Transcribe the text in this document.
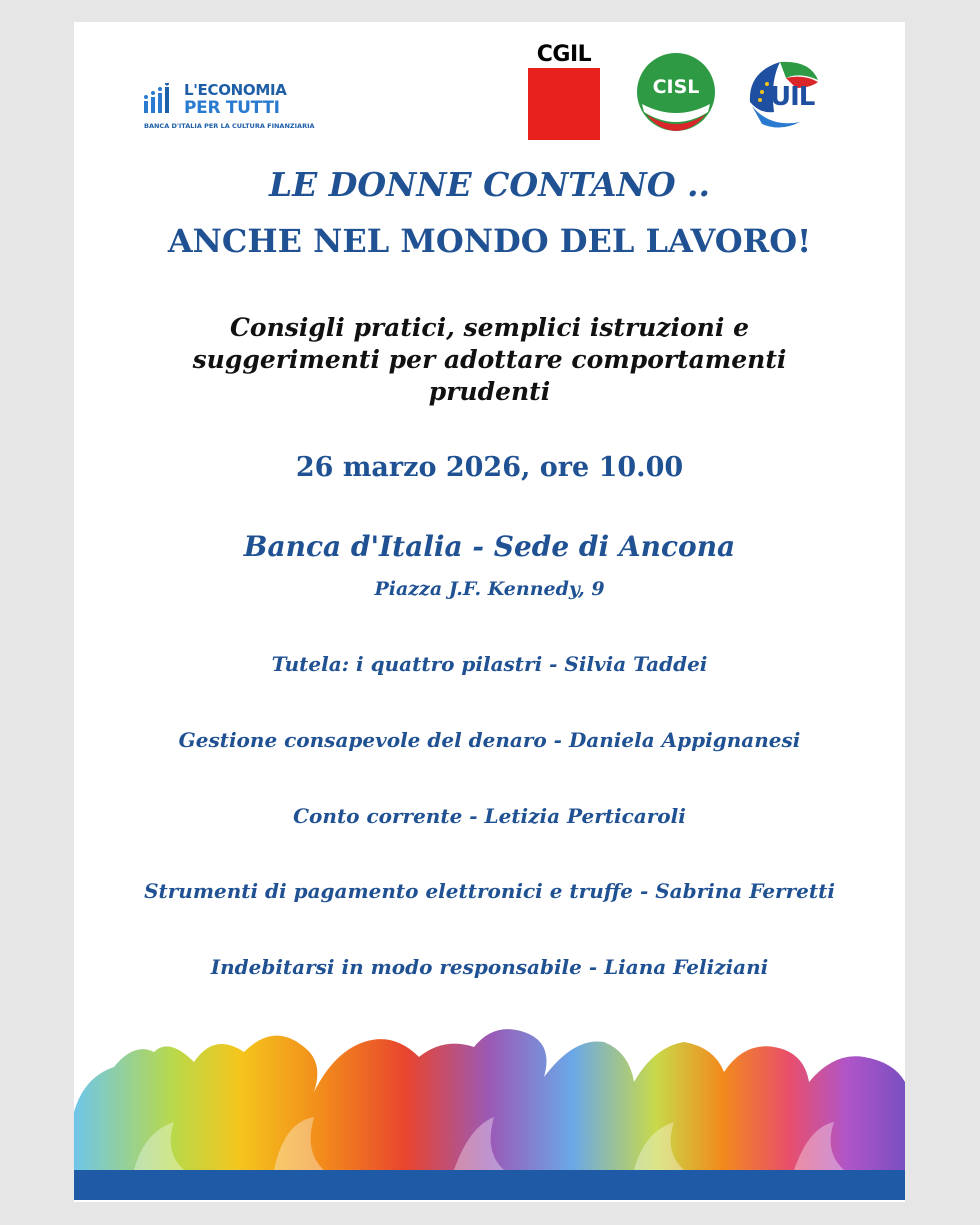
L'ECONOMIA
PER TUTTI
BANCA D'ITALIA PER LA CULTURA FINANZIARIA
CGIL
CISL	UIL
LE DONNE CONTANO ..
ANCHE NEL MONDO DEL LAVORO!
Consigli pratici, semplici istruzioni e
suggerimenti per adottare comportamenti
prudenti
26 marzo 2026, ore 10.00
Banca d'Italia - Sede di Ancona
Piazza J.F. Kennedy, 9
Tutela: i quattro pilastri - Silvia Taddei
Gestione consapevole del denaro - Daniela Appignanesi
Conto corrente - Letizia Perticaroli
Strumenti di pagamento elettronici e truffe - Sabrina Ferretti
Indebitarsi in modo responsabile - Liana Feliziani
